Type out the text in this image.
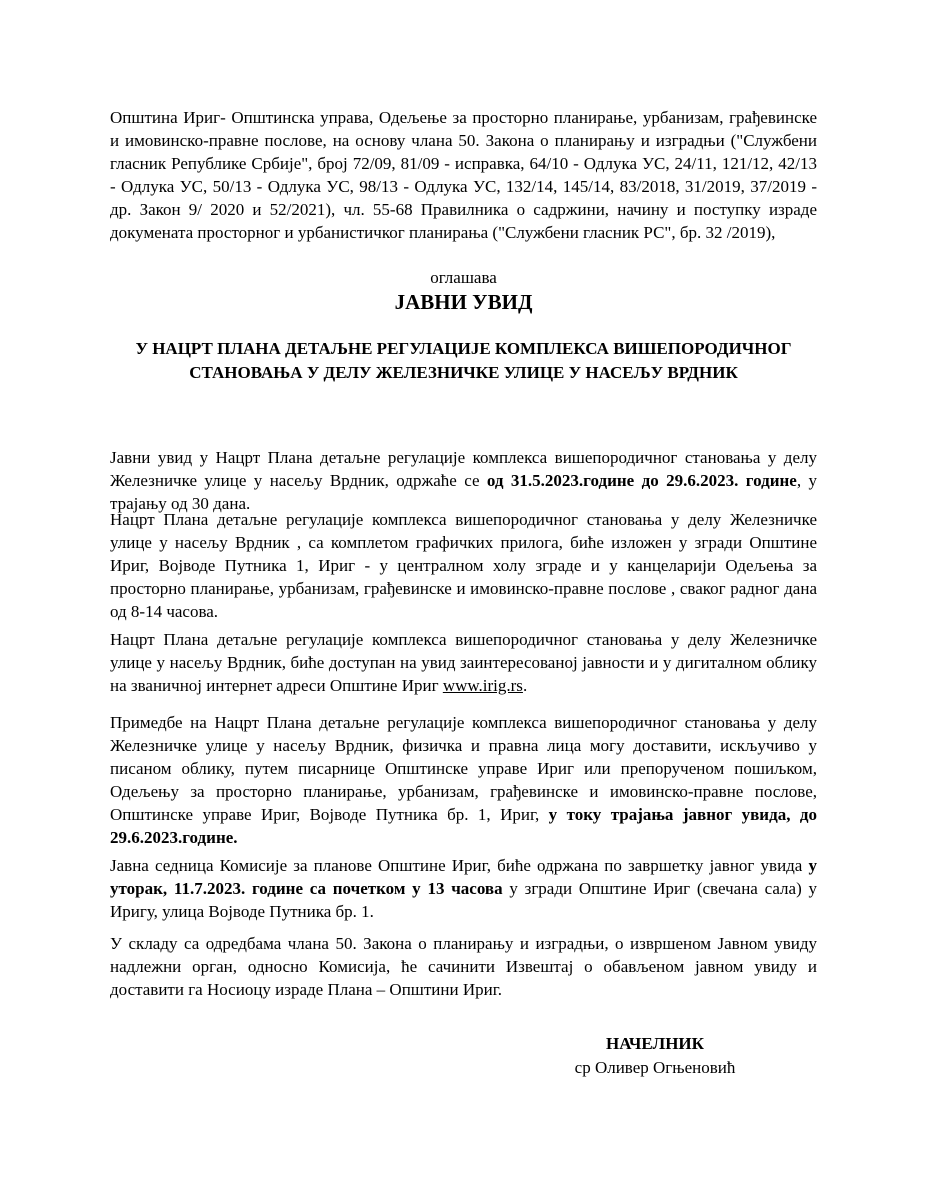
Општина Ириг- Општинска управа, Одељење за просторно планирање, урбанизам, грађевинске и имовинско-правне послове, на основу члана 50. Закона о планирању и изградњи ("Службени гласник Републике Србије", број 72/09, 81/09 - исправка, 64/10 - Одлука УС, 24/11, 121/12, 42/13 - Одлука УС, 50/13 - Одлука УС, 98/13 - Одлука УС, 132/14, 145/14, 83/2018, 31/2019, 37/2019 - др. Закон 9/ 2020 и 52/2021), чл. 55-68 Правилника о садржини, начину и поступку израде докумената просторног и урбанистичког планирања ("Службени гласник РС", бр. 32 /2019),

оглашава

ЈАВНИ УВИД

У НАЦРТ ПЛАНА ДЕТАЉНЕ РЕГУЛАЦИЈЕ КОМПЛЕКСА ВИШЕПОРОДИЧНОГ
СТАНОВАЊА У ДЕЛУ ЖЕЛЕЗНИЧКЕ УЛИЦЕ У НАСЕЉУ ВРДНИК

Јавни увид у Нацрт Плана детаљне регулације комплекса вишепородичног становања у делу Железничке улице у насељу Врдник, одржаће се од 31.5.2023.године до 29.6.2023. године, у трајању од 30 дана.

Нацрт Плана детаљне регулације комплекса вишепородичног становања у делу Железничке улице у насељу Врдник , са комплетом графичких прилога, биће изложен у згради Општине Ириг, Војводе Путника 1, Ириг - у централном холу зграде и у канцеларији Одељења за просторно планирање, урбанизам, грађевинске и имовинско-правне послове , сваког радног дана од 8-14 часова.

Нацрт Плана детаљне регулације комплекса вишепородичног становања у делу Железничке улице у насељу Врдник, биће доступан на увид заинтересованој јавности и у дигиталном облику на званичној интернет адреси Општине Ириг www.irig.rs.

Примедбе на Нацрт Плана детаљне регулације комплекса вишепородичног становања у делу Железничке улице у насељу Врдник, физичка и правна лица могу доставити, искључиво у писаном облику, путем писарнице Општинске управе Ириг или препорученом пошиљком, Одељењу за просторно планирање, урбанизам, грађевинске и имовинско-правне послове, Општинске управе Ириг, Војводе Путника бр. 1, Ириг, у току трајања јавног увида, до 29.6.2023.године.

Јавна седница Комисије за планове Општине Ириг, биће одржана по завршетку јавног увида у уторак, 11.7.2023. године са почетком у 13 часова у згради Општине Ириг (свечана сала) у Иригу, улица Војводе Путника бр. 1.

У складу са одредбама члана 50. Закона о планирању и изградњи, о извршеном Јавном увиду надлежни орган, односно Комисија, ће сачинити Извештај о обављеном јавном увиду и доставити га Носиоцу израде Плана – Општини Ириг.

НАЧЕЛНИК

ср Оливер Огњеновић
